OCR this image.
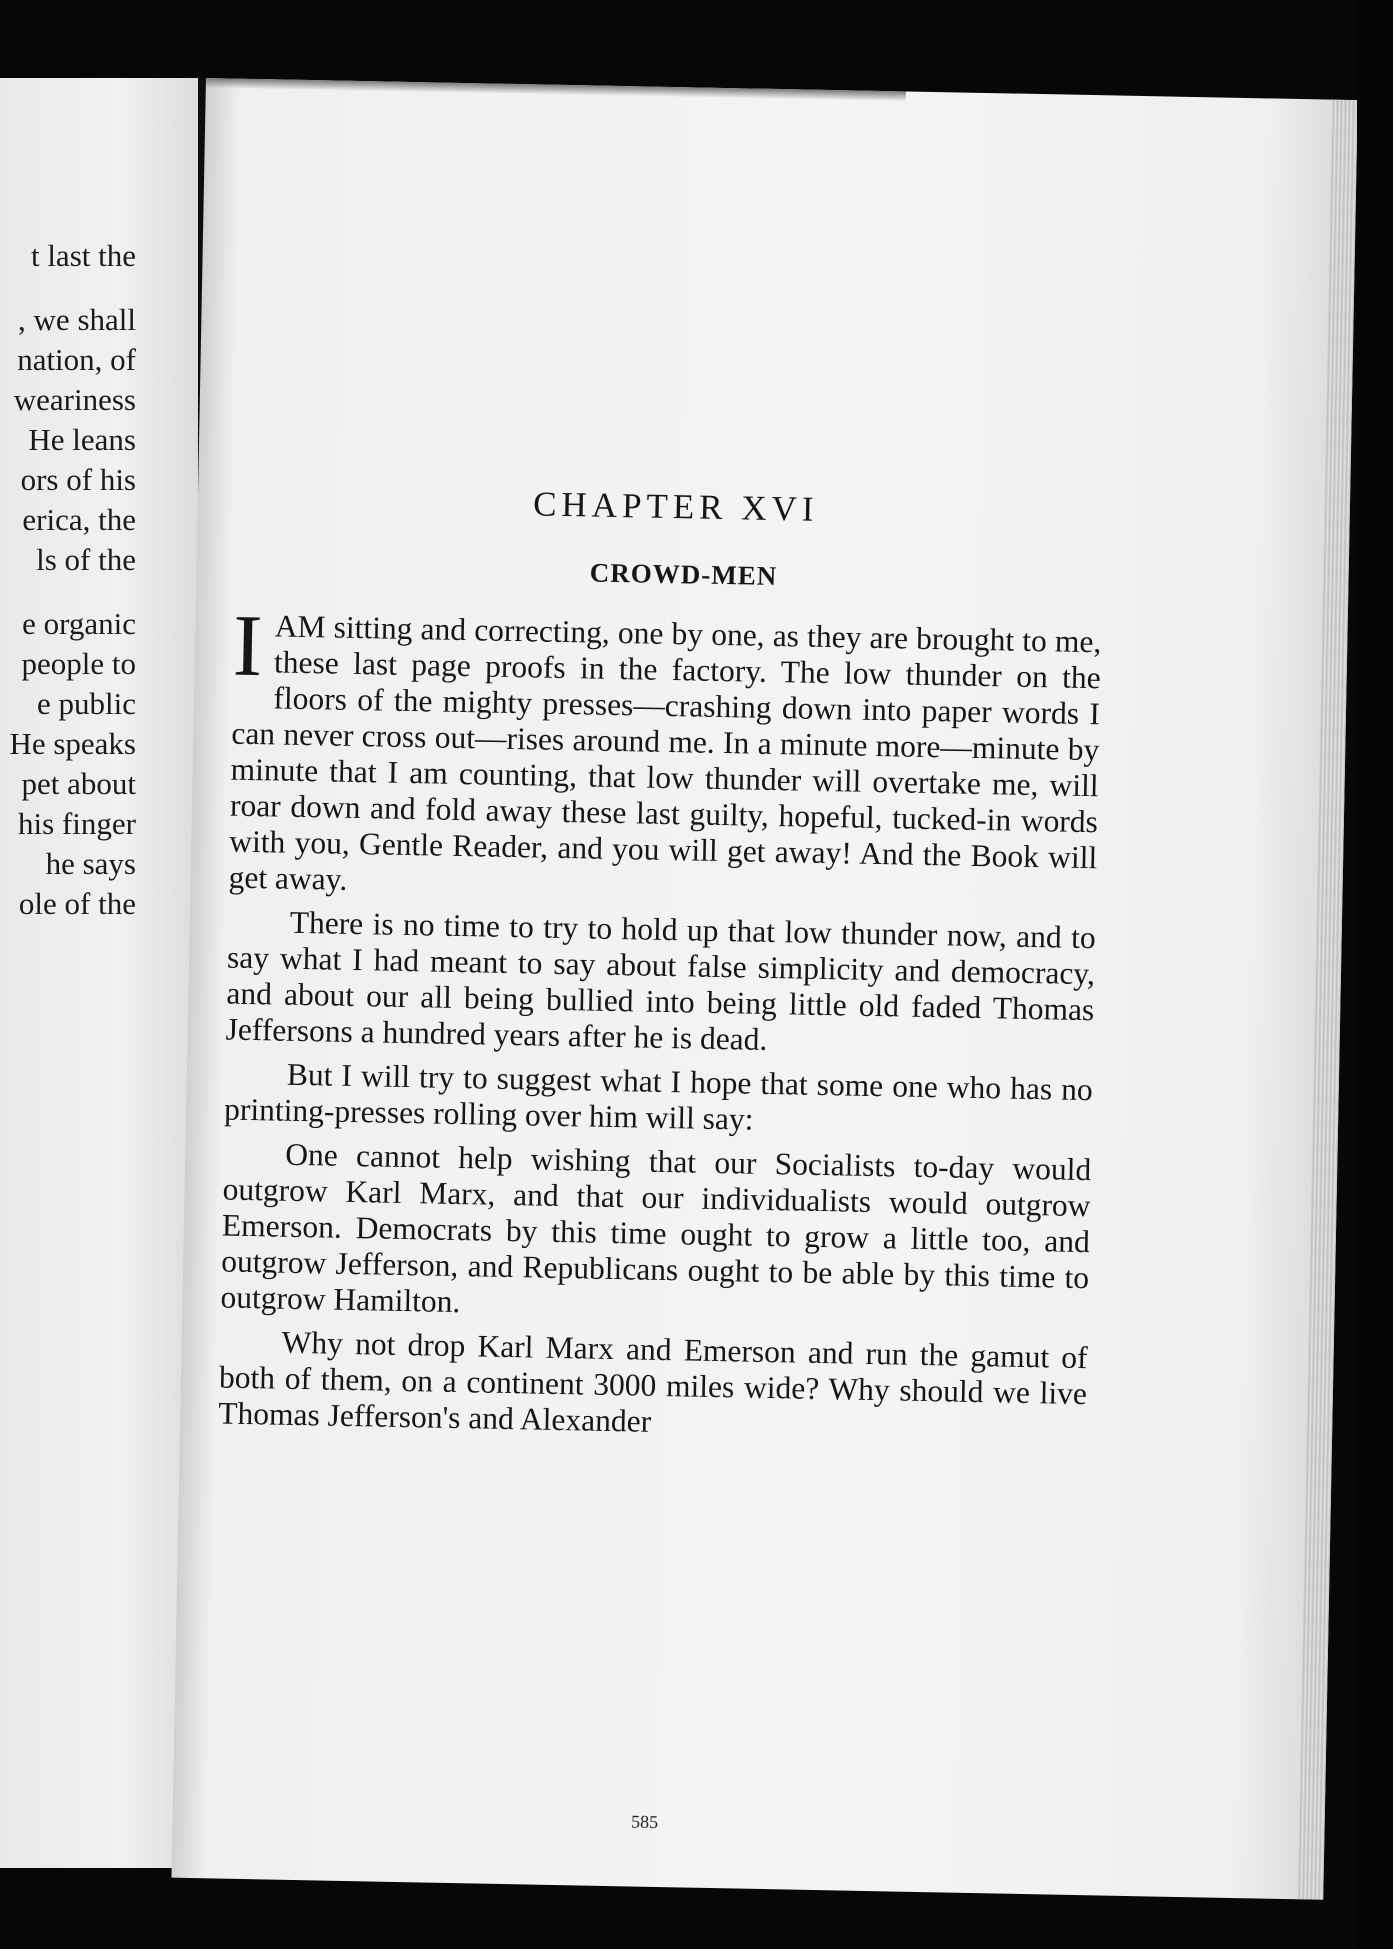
t last the
, we shall
nation, of
weariness
He leans
ors of his
erica, the
ls of the
e organic
people to
e public
He speaks
pet about
his finger
he says
ole of the
CHAPTER XVI
CROWD-MEN

IAM sitting and correcting, one by one, as they are brought to me, these last page proofs in the factory. The low thunder on the floors of the mighty presses—crashing down into paper words I can never cross out—rises around me. In a minute more—minute by minute that I am counting, that low thunder will overtake me, will roar down and fold away these last guilty, hopeful, tucked-in words with you, Gentle Reader, and you will get away! And the Book will get away.

There is no time to try to hold up that low thunder now, and to say what I had meant to say about false simplicity and democracy, and about our all being bullied into being little old faded Thomas Jeffersons a hundred years after he is dead.

But I will try to suggest what I hope that some one who has no printing-presses rolling over him will say:

One cannot help wishing that our Socialists to-day would outgrow Karl Marx, and that our individualists would outgrow Emerson. Democrats by this time ought to grow a little too, and outgrow Jefferson, and Republicans ought to be able by this time to outgrow Hamilton.

Why not drop Karl Marx and Emerson and run the gamut of both of them, on a continent 3000 miles wide? Why should we live Thomas Jefferson's and Alexander

585
